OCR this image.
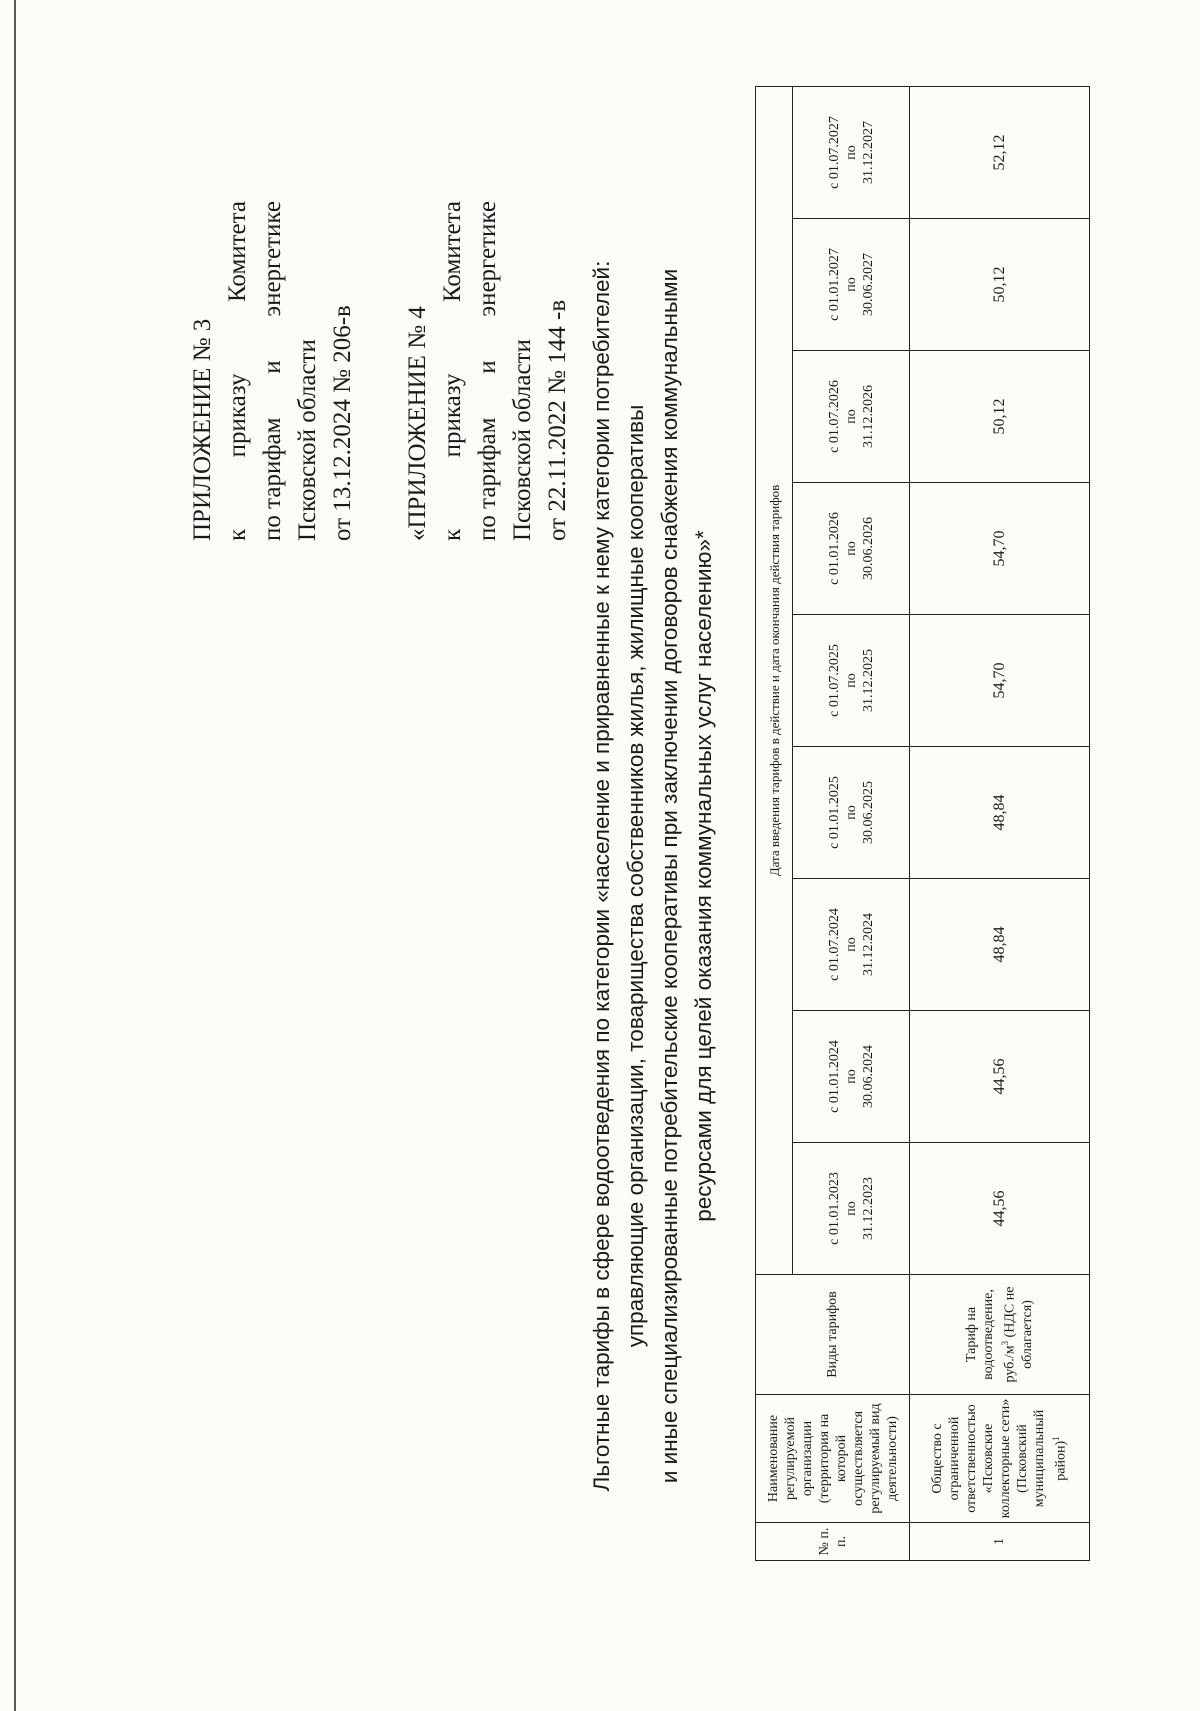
ПРИЛОЖЕНИЕ № 3 к
приказу
Комитета
по тарифам
и
энергетике
Псковской области от 13.12.2024 № 206-в «ПРИЛОЖЕНИЕ № 4 к
приказу
Комитета
по тарифам
и
энергетике
Псковской области от 22.11.2022 № 144 -в Льготные тарифы в сфере водоотведения по категории «население и приравненные к нему категории потребителей: управляющие организации, товарищества собственников жилья, жилищные кооперативы и иные специализированные потребительские кооперативы при заключении договоров снабжения коммунальными ресурсами для целей оказания коммунальных услуг населению»*
№ п. п.	Наименование регулируемой организации (территория на которой осуществляется регулируемый вид деятельности)	Виды тарифов	Дата введения тарифов в действие и дата окончания действия тарифов								

			с 01.01.2023 по 31.12.2023	с 01.01.2024 по 30.06.2024	с 01.07.2024 по 31.12.2024	с 01.01.2025 по 30.06.2025	с 01.07.2025 по 31.12.2025	с 01.01.2026 по 30.06.2026	с 01.07.2026 по 31.12.2026	с 01.01.2027 по 30.06.2027	с 01.07.2027 по 31.12.2027

1	Общество с ограниченной ответственностью «Псковские коллекторные сети» (Псковский муниципальный район)$^1$	Тариф на водоотведение, $руб./м^3$ (НДС не облагается)	44,56	44,56	48,84	48,84	54,70	54,70	50,12	50,12	52,12
